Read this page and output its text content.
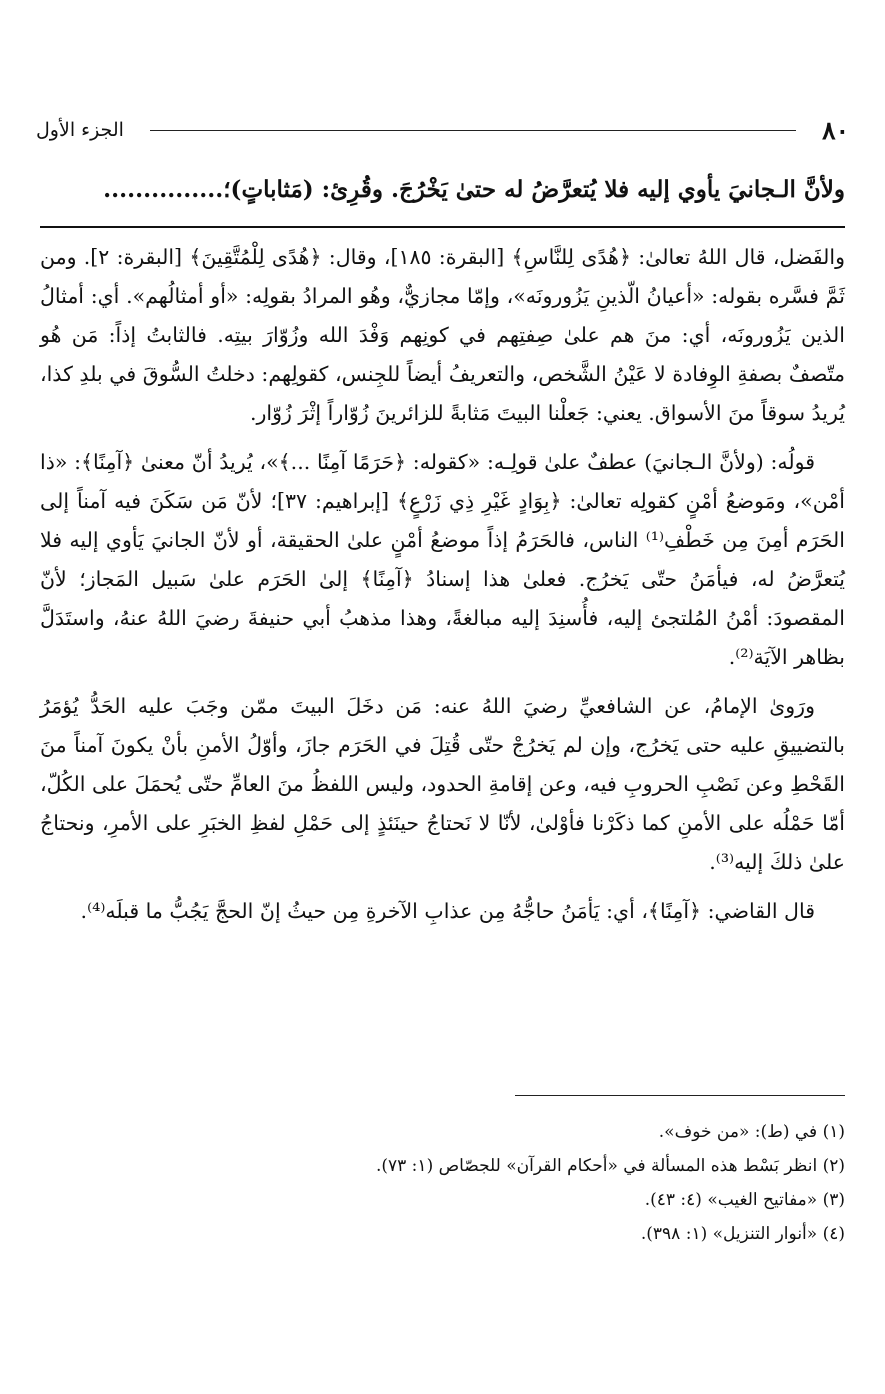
٨٠
الجزء الأول
ولأنَّ الـجانيَ يأوي إليه فلا يُتعرَّضُ له حتىٰ يَخْرُجَ. وقُرِئ: (مَثاباتٍ)؛...............

والفَضل، قال اللهُ تعالىٰ: ﴿هُدًى لِلنَّاسِ﴾ [البقرة: ١٨٥]، وقال: ﴿هُدًى لِلْمُتَّقِينَ﴾ [البقرة: ٢]. ومن ثَمَّ فسَّره بقوله: «أعيانُ الّذينِ يَزُورونَه»، وإمّا مجازيٌّ، وهُو المرادُ بقولِه: «أو أمثالُهم». أي: أمثالُ الذين يَزُورونَه، أي: منَ هم علىٰ صِفتِهم في كونِهم وَفْدَ الله وزُوّارَ بيتِه. فالثابتُ إذاً: مَن هُو متّصفٌ بصفةِ الوِفادة لا عَيْنُ الشَّخص، والتعريفُ أيضاً للجِنس، كقولِهم: دخلتُ السُّوقَ في بلدِ كذا، يُريدُ سوقاً منَ الأسواق. يعني: جَعلْنا البيتَ مَثابةً للزائرينَ زُوّاراً إثْرَ زُوّار.

قولُه: (ولأنَّ الـجانيَ) عطفٌ علىٰ قولِـه: «كقوله: ﴿حَرَمًا آمِنًا ...﴾»، يُريدُ أنّ معنىٰ ﴿آمِنًا﴾: «ذا أمْن»، ومَوضعُ أمْنٍ كقولِه تعالىٰ: ﴿بِوَادٍ غَيْرِ ذِي زَرْعٍ﴾ [إبراهيم: ٣٧]؛ لأنّ مَن سَكَنَ فيه آمناً إلى الحَرَم أمِنَ مِن خَطْفِ⁽¹⁾ الناس، فالحَرَمُ إذاً موضعُ أمْنٍ علىٰ الحقيقة، أو لأنّ الجانيَ يَأوي إليه فلا يُتعرَّضُ له، فيأمَنُ حتّى يَخرُج. فعلىٰ هذا إسنادُ ﴿آمِنًا﴾ إلىٰ الحَرَم علىٰ سَبيل المَجاز؛ لأنّ المقصودَ: أمْنُ المُلتجئ إليه، فأُسنِدَ إليه مبالغةً، وهذا مذهبُ أبي حنيفةَ رضيَ اللهُ عنهُ، واستَدَلَّ بظاهر الآيَة⁽²⁾.

ورَوىٰ الإمامُ، عن الشافعيِّ رضيَ اللهُ عنه: مَن دخَلَ البيتَ ممّن وجَبَ عليه الحَدُّ يُؤمَرُ بالتضييقِ عليه حتى يَخرُج، وإن لم يَخرُجْ حتّى قُتِلَ في الحَرَم جازَ، وأوّلُ الأمنِ بأنْ يكونَ آمناً منَ القَحْطِ وعن نَصْبِ الحروبِ فيه، وعن إقامةِ الحدود، وليس اللفظُ منَ العامِّ حتّى يُحمَلَ على الكُلّ، أمّا حَمْلُه على الأمنِ كما ذكَرْنا فأوْلىٰ، لأنّا لا نَحتاجُ حينَئذٍ إلى حَمْلِ لفظِ الخبَرِ على الأمرِ، ونحتاجُ علىٰ ذلكَ إليه⁽³⁾.

قال القاضي: ﴿آمِنًا﴾، أي: يَأمَنُ حاجُّهُ مِن عذابِ الآخرةِ مِن حيثُ إنّ الحجَّ يَجُبُّ ما قبلَه⁽⁴⁾.

(١) في (ط): «من خوف».
(٢) انظر بَسْط هذه المسألة في «أحكام القرآن» للجصّاص (١: ٧٣).
(٣) «مفاتيح الغيب» (٤: ٤٣).
(٤) «أنوار التنزيل» (١: ٣٩٨).
